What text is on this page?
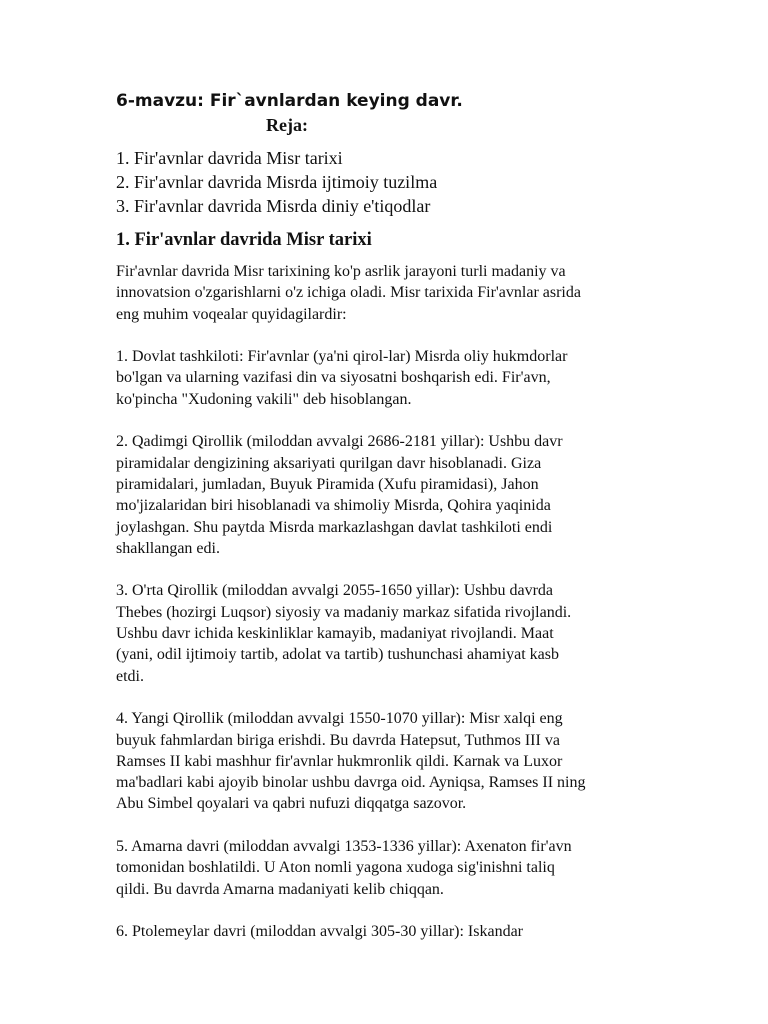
6-mavzu: Fir`avnlardan keying davr.
Reja:
1. Fir'avnlar davrida Misr tarixi
2. Fir'avnlar davrida Misrda ijtimoiy tuzilma
3. Fir'avnlar davrida Misrda diniy e'tiqodlar
1. Fir'avnlar davrida Misr tarixi

Fir'avnlar davrida Misr tarixining ko'p asrlik jarayoni turli madaniy va
innovatsion o'zgarishlarni o'z ichiga oladi. Misr tarixida Fir'avnlar asrida
eng muhim voqealar quyidagilardir:

1. Dovlat tashkiloti: Fir'avnlar (ya'ni qirol-lar) Misrda oliy hukmdorlar
bo'lgan va ularning vazifasi din va siyosatni boshqarish edi. Fir'avn,
ko'pincha "Xudoning vakili" deb hisoblangan.

2. Qadimgi Qirollik (miloddan avvalgi 2686-2181 yillar): Ushbu davr
piramidalar dengizining aksariyati qurilgan davr hisoblanadi. Giza
piramidalari, jumladan, Buyuk Piramida (Xufu piramidasi), Jahon
mo'jizalaridan biri hisoblanadi va shimoliy Misrda, Qohira yaqinida
joylashgan. Shu paytda Misrda markazlashgan davlat tashkiloti endi
shakllangan edi.

3. O'rta Qirollik (miloddan avvalgi 2055-1650 yillar): Ushbu davrda
Thebes (hozirgi Luqsor) siyosiy va madaniy markaz sifatida rivojlandi.
Ushbu davr ichida keskinliklar kamayib, madaniyat rivojlandi. Maat
(yani, odil ijtimoiy tartib, adolat va tartib) tushunchasi ahamiyat kasb
etdi.

4. Yangi Qirollik (miloddan avvalgi 1550-1070 yillar): Misr xalqi eng
buyuk fahmlardan biriga erishdi. Bu davrda Hatepsut, Tuthmos III va
Ramses II kabi mashhur fir'avnlar hukmronlik qildi. Karnak va Luxor
ma'badlari kabi ajoyib binolar ushbu davrga oid. Ayniqsa, Ramses II ning
Abu Simbel qoyalari va qabri nufuzi diqqatga sazovor.

5. Amarna davri (miloddan avvalgi 1353-1336 yillar): Axenaton fir'avn
tomonidan boshlatildi. U Aton nomli yagona xudoga sig'inishni taliq
qildi. Bu davrda Amarna madaniyati kelib chiqqan.

6. Ptolemeylar davri (miloddan avvalgi 305-30 yillar): Iskandar
